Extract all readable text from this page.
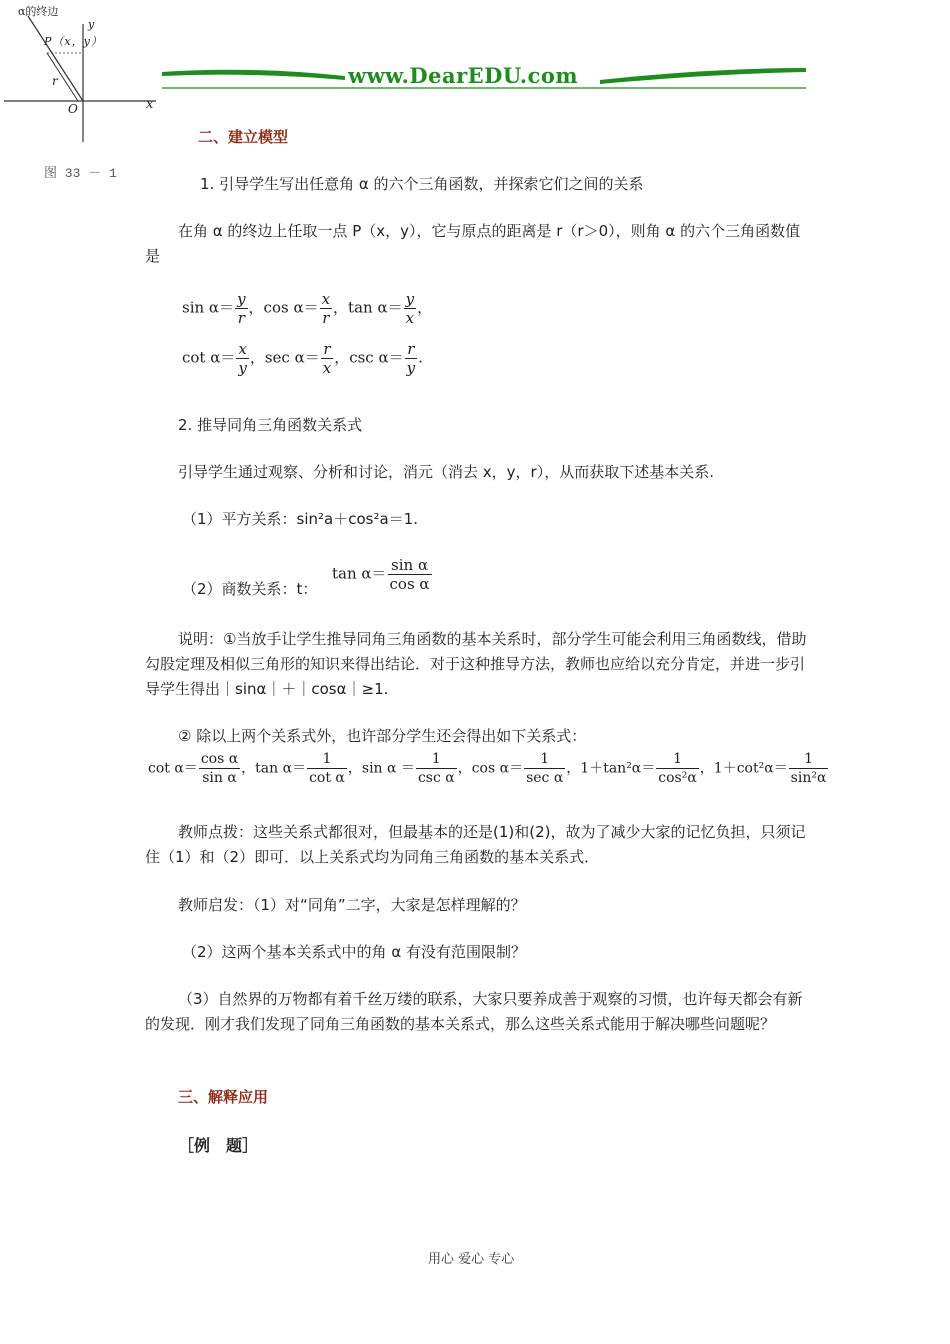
α的终边
y
P（x，y）
r
O	x
图 33 － 1
www.DearEDU.com
二、建立模型
1. 引导学生写出任意角 α 的六个三角函数，并探索它们之间的关系
在角 α 的终边上任取一点 P（x，y），它与原点的距离是 r（r＞0），则角 α 的六个三角函数值是
$\sin \alpha= \frac{y}{r}$ ，$\cos \alpha= \frac{x}{r}$ ，$\tan \alpha= \frac{y}{x}$ ，
$\cot \alpha= \frac{x}{y}$ ，$\sec \alpha= \frac{r}{x}$ ，$\csc \alpha= \frac{r}{y}$ .
2. 推导同角三角函数关系式
引导学生通过观察、分析和讨论，消元（消去 x，y，r），从而获取下述基本关系.
（1）平方关系：sin²a＋cos²a＝1.
$\tan \alpha= \frac{\text{sin α}}{\text{cos α}}$
（2）商数关系：t：
说明：①当放手让学生推导同角三角函数的基本关系时，部分学生可能会利用三角函数线，借助勾股定理及相似三角形的知识来得出结论．对于这种推导方法，教师也应给以充分肯定，并进一步引导学生得出｜sinα｜＋｜cosα｜≥1.
② 除以上两个关系式外，也许部分学生还会得出如下关系式：
$\cot \alpha= \frac{\text{cos α}}{\text{sin α}}$ ，$\tan \alpha= \frac{1}{\text{cot α}}$ ，$\sin \alpha = \frac{1}{\text{csc α}}$ ，$\cos \alpha= \frac{1}{\text{sec α}}$ ，$1+\tan^2\alpha= \frac{1}{\text{cos²α}}$ ，$1+\cot^2\alpha= \frac{1}{\text{sin²α}}$
教师点拨：这些关系式都很对，但最基本的还是(1)和(2)，故为了减少大家的记忆负担，只须记住（1）和（2）即可．以上关系式均为同角三角函数的基本关系式．
教师启发：（1）对“同角”二字，大家是怎样理解的？
（2）这两个基本关系式中的角 α 有没有范围限制？
（3）自然界的万物都有着千丝万缕的联系，大家只要养成善于观察的习惯，也许每天都会有新的发现．刚才我们发现了同角三角函数的基本关系式，那么这些关系式能用于解决哪些问题呢？
三、解释应用
［例　题］
用心 爱心 专心
